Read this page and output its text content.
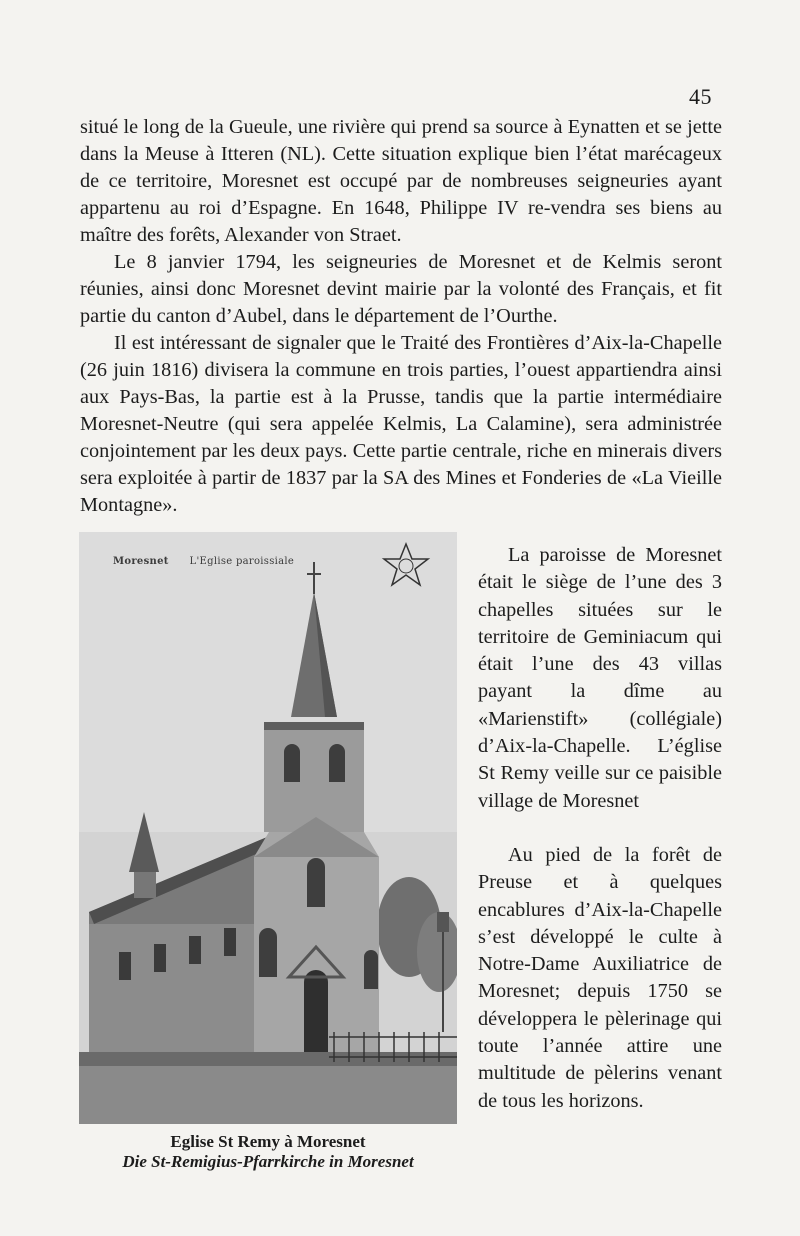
45

situé le long de la Gueule, une rivière qui prend sa source à Eynatten et se jette dans la Meuse à Itteren (NL). Cette situation explique bien l’état marécageux de ce territoire, Moresnet est occupé par de nombreuses seigneuries ayant appartenu au roi d’Espagne. En 1648, Philippe IV re-vendra ses biens au maître des forêts, Alexander von Straet.

Le 8 janvier 1794, les seigneuries de Moresnet et de Kelmis seront réunies, ainsi donc Moresnet devint mairie par la volonté des Français, et fit partie du canton d’Aubel, dans le département de l’Ourthe.

Il est intéressant de signaler que le Traité des Frontières d’Aix-la-Chapelle (26 juin 1816) divisera la commune en trois parties, l’ouest appartiendra ainsi aux Pays-Bas, la partie est à la Prusse, tandis que la partie intermédiaire Moresnet-Neutre (qui sera appelée Kelmis, La Calamine), sera administrée conjointement par les deux pays. Cette partie centrale, riche en minerais divers sera exploitée à partir de 1837 par la SA des Mines et Fonderies de «La Vieille Montagne».

Moresnet L'Eglise paroissiale
Eglise St Remy à Moresnet
Die St-Remigius-Pfarrkirche in Moresnet

La paroisse de Moresnet était le siège de l’une des 3 chapelles situées sur le territoire de Geminiacum qui était l’une des 43 villas payant la dîme au «Marienstift» (collégiale) d’Aix-la-Chapelle. L’église St Remy veille sur ce paisible village de Moresnet

Au pied de la forêt de Preuse et à quelques encablures d’Aix-la-Chapelle s’est développé le culte à Notre-Dame Auxiliatrice de Moresnet; depuis 1750 se développera le pèlerinage qui toute l’année attire une multitude de pèlerins venant de tous les horizons.
